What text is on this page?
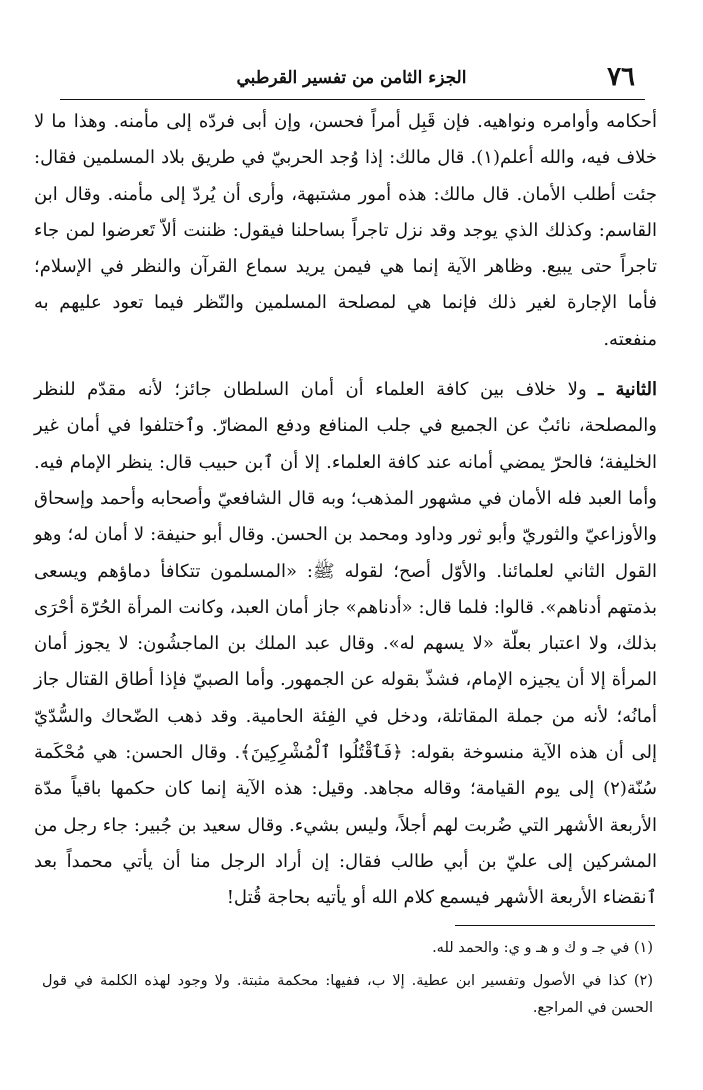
٧٦
الجزء الثامن من تفسير القرطبي

أحكامه وأوامره ونواهيه. فإن قَبِل أمراً فحسن، وإن أبى فردّه إلى مأمنه. وهذا ما لا خلاف فيه، والله أعلم(١). قال مالك: إذا وُجد الحربيّ في طريق بلاد المسلمين فقال: جئت أطلب الأمان. قال مالك: هذه أمور مشتبهة، وأرى أن يُردّ إلى مأمنه. وقال ابن القاسم: وكذلك الذي يوجد وقد نزل تاجراً بساحلنا فيقول: ظننت ألاّ تَعرضوا لمن جاء تاجراً حتى يبيع. وظاهر الآية إنما هي فيمن يريد سماع القرآن والنظر في الإسلام؛ فأما الإجارة لغير ذلك فإنما هي لمصلحة المسلمين والنّظر فيما تعود عليهم به منفعته.

الثانية ـ ولا خلاف بين كافة العلماء أن أمان السلطان جائز؛ لأنه مقدّم للنظر والمصلحة، نائبٌ عن الجميع في جلب المنافع ودفع المضارّ. وٱختلفوا في أمان غير الخليفة؛ فالحرّ يمضي أمانه عند كافة العلماء. إلا أن ٱبن حبيب قال: ينظر الإمام فيه. وأما العبد فله الأمان في مشهور المذهب؛ وبه قال الشافعيّ وأصحابه وأحمد وإسحاق والأوزاعيّ والثوريّ وأبو ثور وداود ومحمد بن الحسن. وقال أبو حنيفة: لا أمان له؛ وهو القول الثاني لعلمائنا. والأوّل أصح؛ لقوله ﷺ: «المسلمون تتكافأ دماؤهم ويسعى بذمتهم أدناهم». قالوا: فلما قال: «أدناهم» جاز أمان العبد، وكانت المرأة الحُرّة أحْرَى بذلك، ولا اعتبار بعلّة «لا يسهم له». وقال عبد الملك بن الماجشُون: لا يجوز أمان المرأة إلا أن يجيزه الإمام، فشذّ بقوله عن الجمهور. وأما الصبيّ فإذا أطاق القتال جاز أمانُه؛ لأنه من جملة المقاتلة، ودخل في الفِئة الحامية. وقد ذهب الضّحاك والسُّدّيّ إلى أن هذه الآية منسوخة بقوله: ﴿فَٱقْتُلُوا ٱلْمُشْرِكِينَ﴾. وقال الحسن: هي مُحْكَمة سُنّة(٢) إلى يوم القيامة؛ وقاله مجاهد. وقيل: هذه الآية إنما كان حكمها باقياً مدّة الأربعة الأشهر التي ضُربت لهم أجلاً، وليس بشيء. وقال سعيد بن جُبير: جاء رجل من المشركين إلى عليّ بن أبي طالب فقال: إن أراد الرجل منا أن يأتي محمداً بعد ٱنقضاء الأربعة الأشهر فيسمع كلام الله أو يأتيه بحاجة قُتل!

(١) في جـ و ك و هـ و ي: والحمد لله.

(٢) كذا في الأصول وتفسير ابن عطية. إلا ب، ففيها: محكمة مثبتة. ولا وجود لهذه الكلمة في قول الحسن في المراجع.
